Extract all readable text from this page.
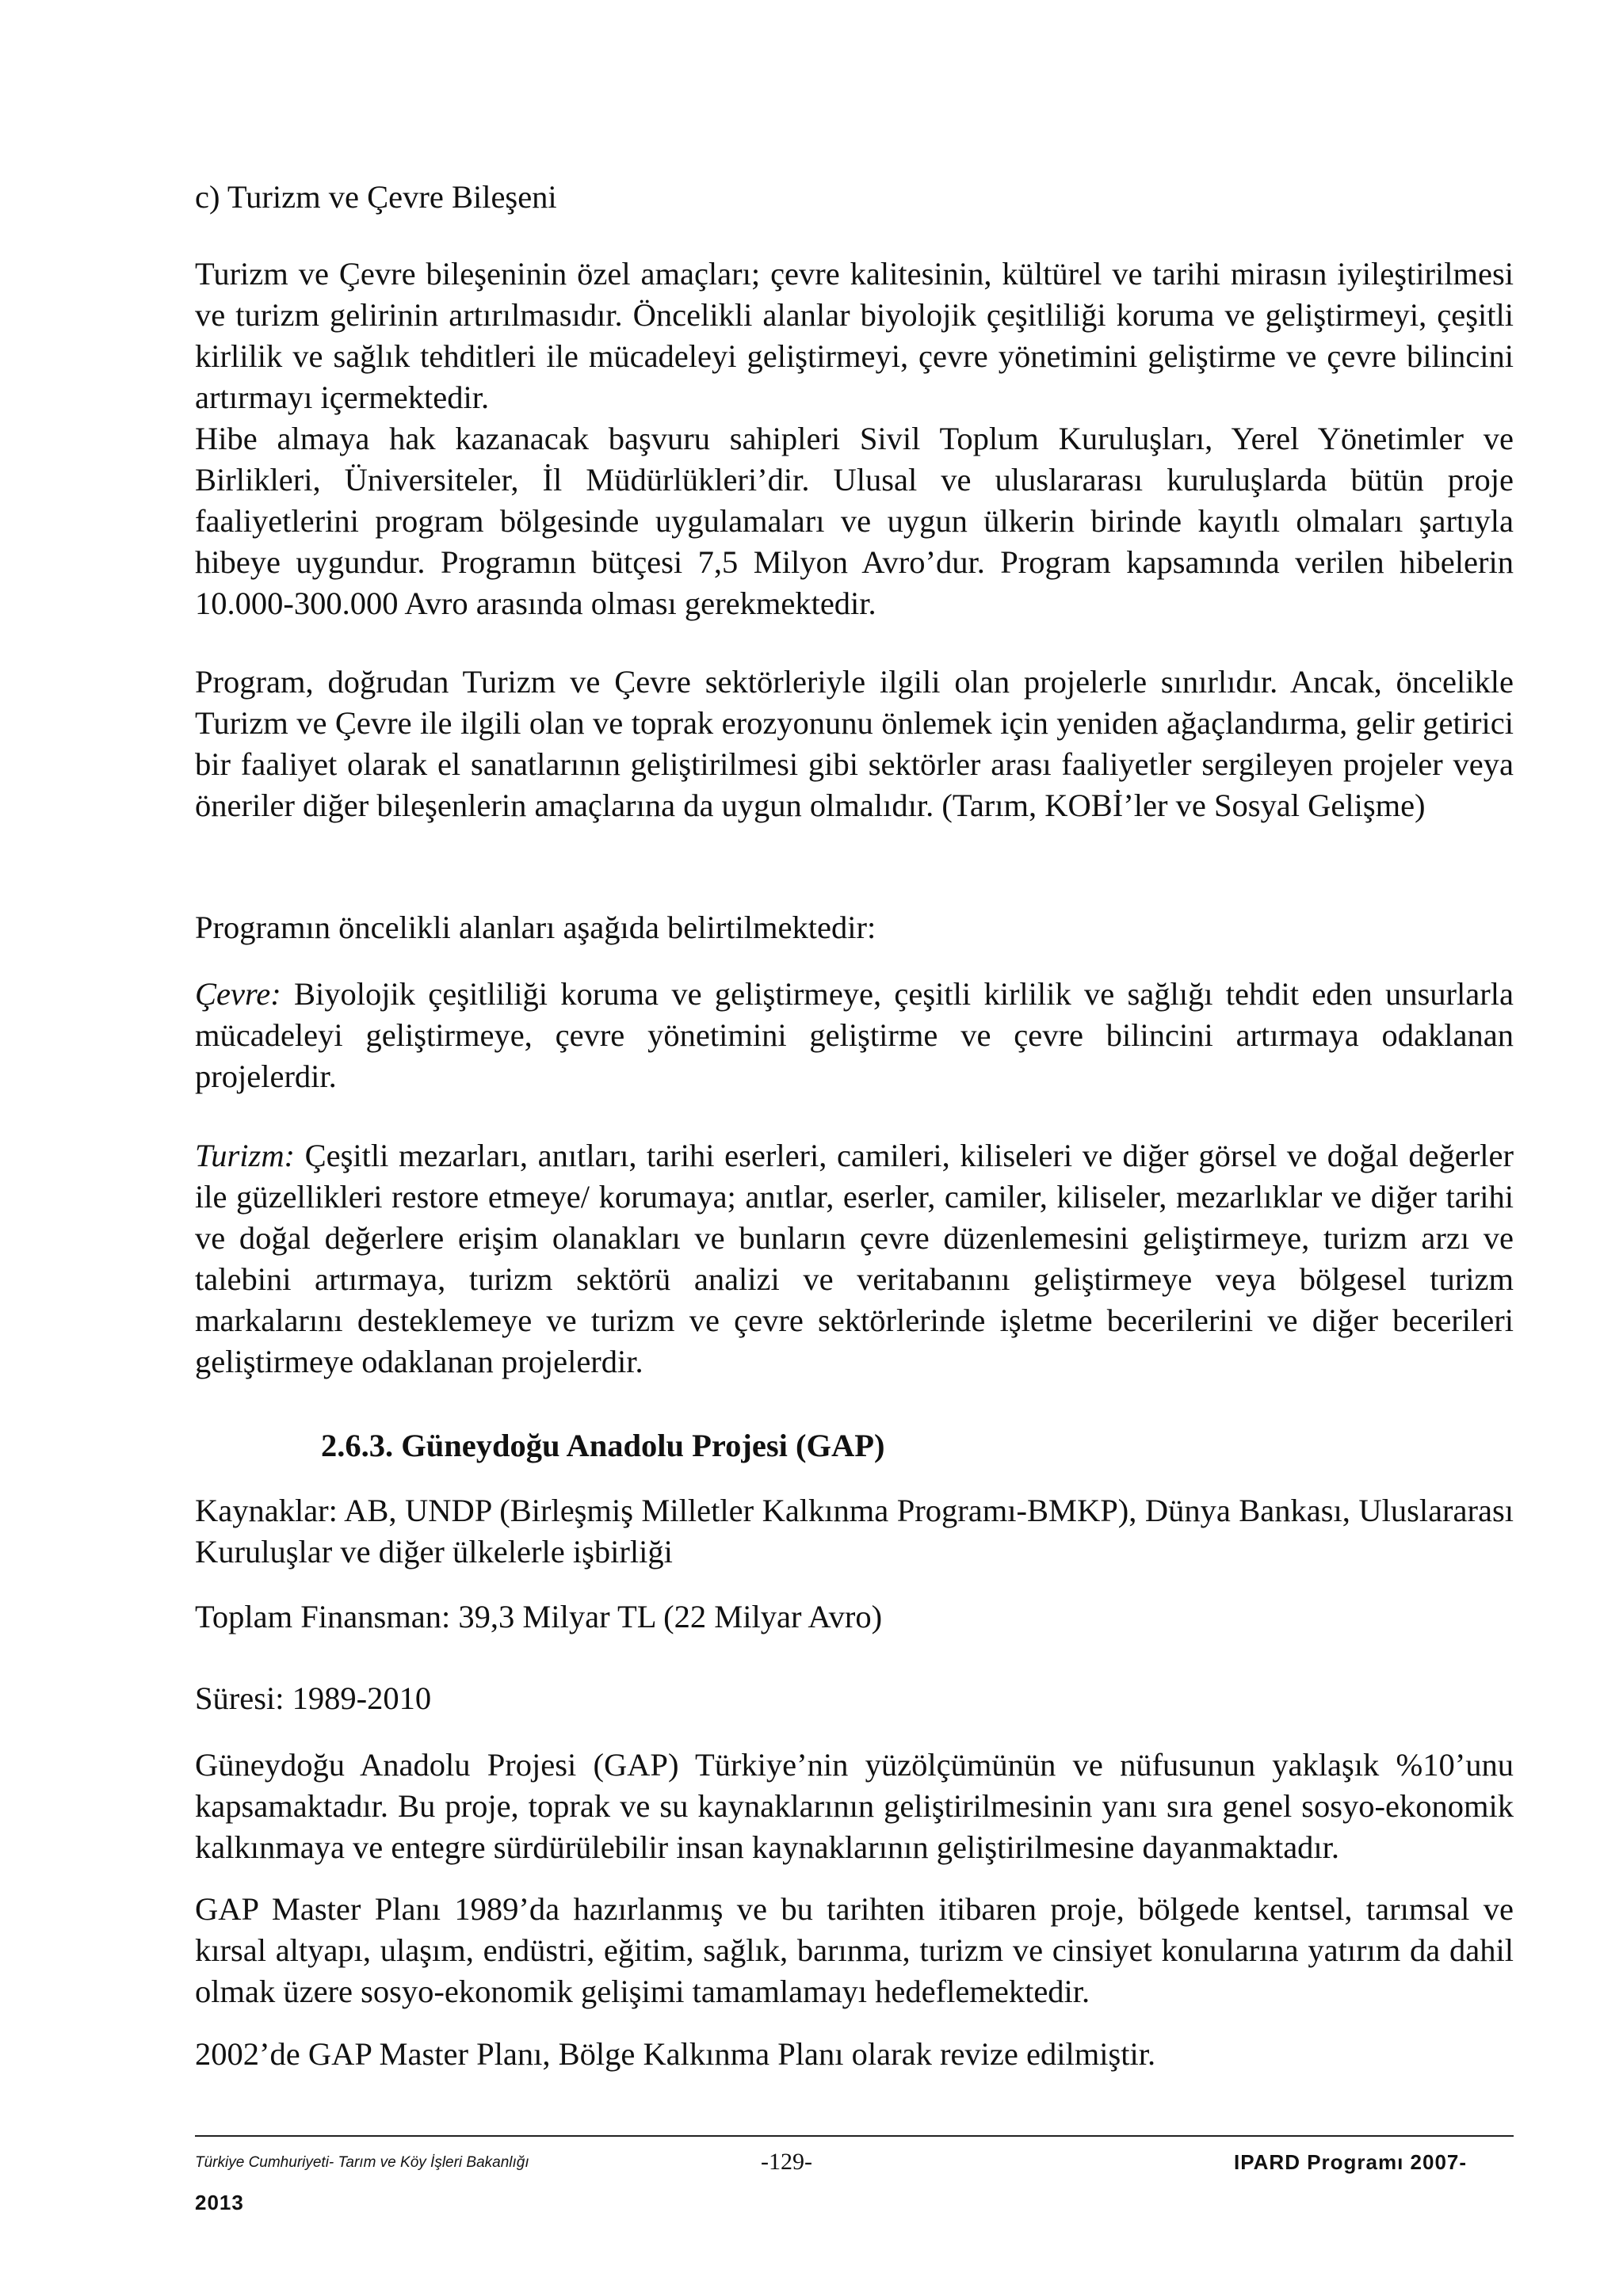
c) Turizm ve Çevre Bileşeni

Turizm ve Çevre bileşeninin özel amaçları; çevre kalitesinin, kültürel ve tarihi mirasın iyileştirilmesi ve turizm gelirinin artırılmasıdır. Öncelikli alanlar biyolojik çeşitliliği koruma ve geliştirmeyi, çeşitli kirlilik ve sağlık tehditleri ile mücadeleyi geliştirmeyi, çevre yönetimini geliştirme ve çevre bilincini artırmayı içermektedir.

Hibe almaya hak kazanacak başvuru sahipleri Sivil Toplum Kuruluşları, Yerel Yönetimler ve Birlikleri, Üniversiteler, İl Müdürlükleri’dir. Ulusal ve uluslararası kuruluşlarda bütün proje faaliyetlerini program bölgesinde uygulamaları ve uygun ülkerin birinde kayıtlı olmaları şartıyla hibeye uygundur. Programın bütçesi 7,5 Milyon Avro’dur. Program kapsamında verilen hibelerin 10.000-300.000 Avro arasında olması gerekmektedir.

Program, doğrudan Turizm ve Çevre sektörleriyle ilgili olan projelerle sınırlıdır. Ancak, öncelikle Turizm ve Çevre ile ilgili olan ve toprak erozyonunu önlemek için yeniden ağaçlandırma, gelir getirici bir faaliyet olarak el sanatlarının geliştirilmesi gibi sektörler arası faaliyetler sergileyen projeler veya öneriler diğer bileşenlerin amaçlarına da uygun olmalıdır. (Tarım, KOBİ’ler ve Sosyal Gelişme)

Programın öncelikli alanları aşağıda belirtilmektedir:

Çevre: Biyolojik çeşitliliği koruma ve geliştirmeye, çeşitli kirlilik ve sağlığı tehdit eden unsurlarla mücadeleyi geliştirmeye, çevre yönetimini geliştirme ve çevre bilincini artırmaya odaklanan projelerdir.

Turizm: Çeşitli mezarları, anıtları, tarihi eserleri, camileri, kiliseleri ve diğer görsel ve doğal değerler ile güzellikleri restore etmeye/ korumaya; anıtlar, eserler, camiler, kiliseler, mezarlıklar ve diğer tarihi ve doğal değerlere erişim olanakları ve bunların çevre düzenlemesini geliştirmeye, turizm arzı ve talebini artırmaya, turizm sektörü analizi ve veritabanını geliştirmeye veya bölgesel turizm markalarını desteklemeye ve turizm ve çevre sektörlerinde işletme becerilerini ve diğer becerileri geliştirmeye odaklanan projelerdir.

2.6.3. Güneydoğu Anadolu Projesi (GAP)

Kaynaklar: AB, UNDP (Birleşmiş Milletler Kalkınma Programı-BMKP), Dünya Bankası, Uluslararası Kuruluşlar ve diğer ülkelerle işbirliği

Toplam Finansman: 39,3 Milyar TL (22 Milyar Avro)

Süresi: 1989-2010

Güneydoğu Anadolu Projesi (GAP) Türkiye’nin yüzölçümünün ve nüfusunun yaklaşık %10’unu kapsamaktadır. Bu proje, toprak ve su kaynaklarının geliştirilmesinin yanı sıra genel sosyo-ekonomik kalkınmaya ve entegre sürdürülebilir insan kaynaklarının geliştirilmesine dayanmaktadır.

GAP Master Planı 1989’da hazırlanmış ve bu tarihten itibaren proje, bölgede kentsel, tarımsal ve kırsal altyapı, ulaşım, endüstri, eğitim, sağlık, barınma, turizm ve cinsiyet konularına yatırım da dahil olmak üzere sosyo-ekonomik gelişimi tamamlamayı hedeflemektedir.

2002’de GAP Master Planı, Bölge Kalkınma Planı olarak revize edilmiştir.

Türkiye Cumhuriyeti- Tarım ve Köy İşleri Bakanlığı	-129-	IPARD Programı 2007-
2013
